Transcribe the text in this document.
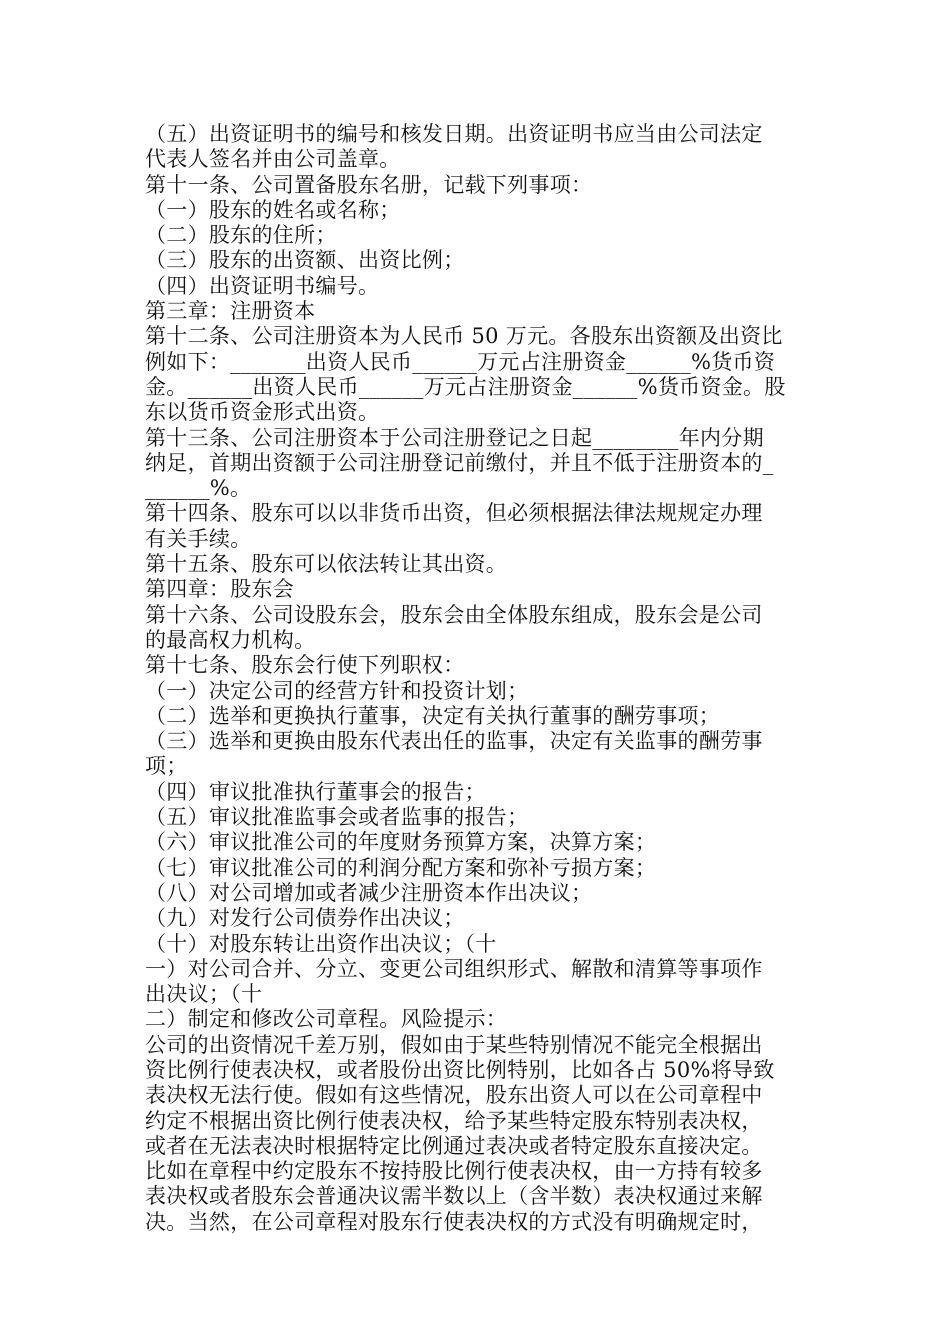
（五）出资证明书的编号和核发日期。出资证明书应当由公司法定
代表人签名并由公司盖章。
第十一条、公司置备股东名册，记载下列事项：
（一）股东的姓名或名称；
（二）股东的住所；
（三）股东的出资额、出资比例；
（四）出资证明书编号。
第三章：注册资本
第十二条、公司注册资本为人民币 50 万元。各股东出资额及出资比
例如下：_______出资人民币______万元占注册资金______%货币资
金。______出资人民币______万元占注册资金______%货币资金。股
东以货币资金形式出资。
第十三条、公司注册资本于公司注册登记之日起________年内分期
纳足，首期出资额于公司注册登记前缴付，并且不低于注册资本的_
______%。
第十四条、股东可以以非货币出资，但必须根据法律法规规定办理
有关手续。
第十五条、股东可以依法转让其出资。
第四章：股东会
第十六条、公司设股东会，股东会由全体股东组成，股东会是公司
的最高权力机构。
第十七条、股东会行使下列职权：
（一）决定公司的经营方针和投资计划；
（二）选举和更换执行董事，决定有关执行董事的酬劳事项；
（三）选举和更换由股东代表出任的监事，决定有关监事的酬劳事
项；
（四）审议批准执行董事会的报告；
（五）审议批准监事会或者监事的报告；
（六）审议批准公司的年度财务预算方案，决算方案；
（七）审议批准公司的利润分配方案和弥补亏损方案；
（八）对公司增加或者减少注册资本作出决议；
（九）对发行公司债券作出决议；
（十）对股东转让出资作出决议；（十
一）对公司合并、分立、变更公司组织形式、解散和清算等事项作
出决议；（十
二）制定和修改公司章程。风险提示：
公司的出资情况千差万别，假如由于某些特别情况不能完全根据出
资比例行使表决权，或者股份出资比例特别，比如各占 50%将导致
表决权无法行使。假如有这些情况，股东出资人可以在公司章程中
约定不根据出资比例行使表决权，给予某些特定股东特别表决权，
或者在无法表决时根据特定比例通过表决或者特定股东直接决定。
比如在章程中约定股东不按持股比例行使表决权，由一方持有较多
表决权或者股东会普通决议需半数以上（含半数）表决权通过来解
决。当然，在公司章程对股东行使表决权的方式没有明确规定时，
